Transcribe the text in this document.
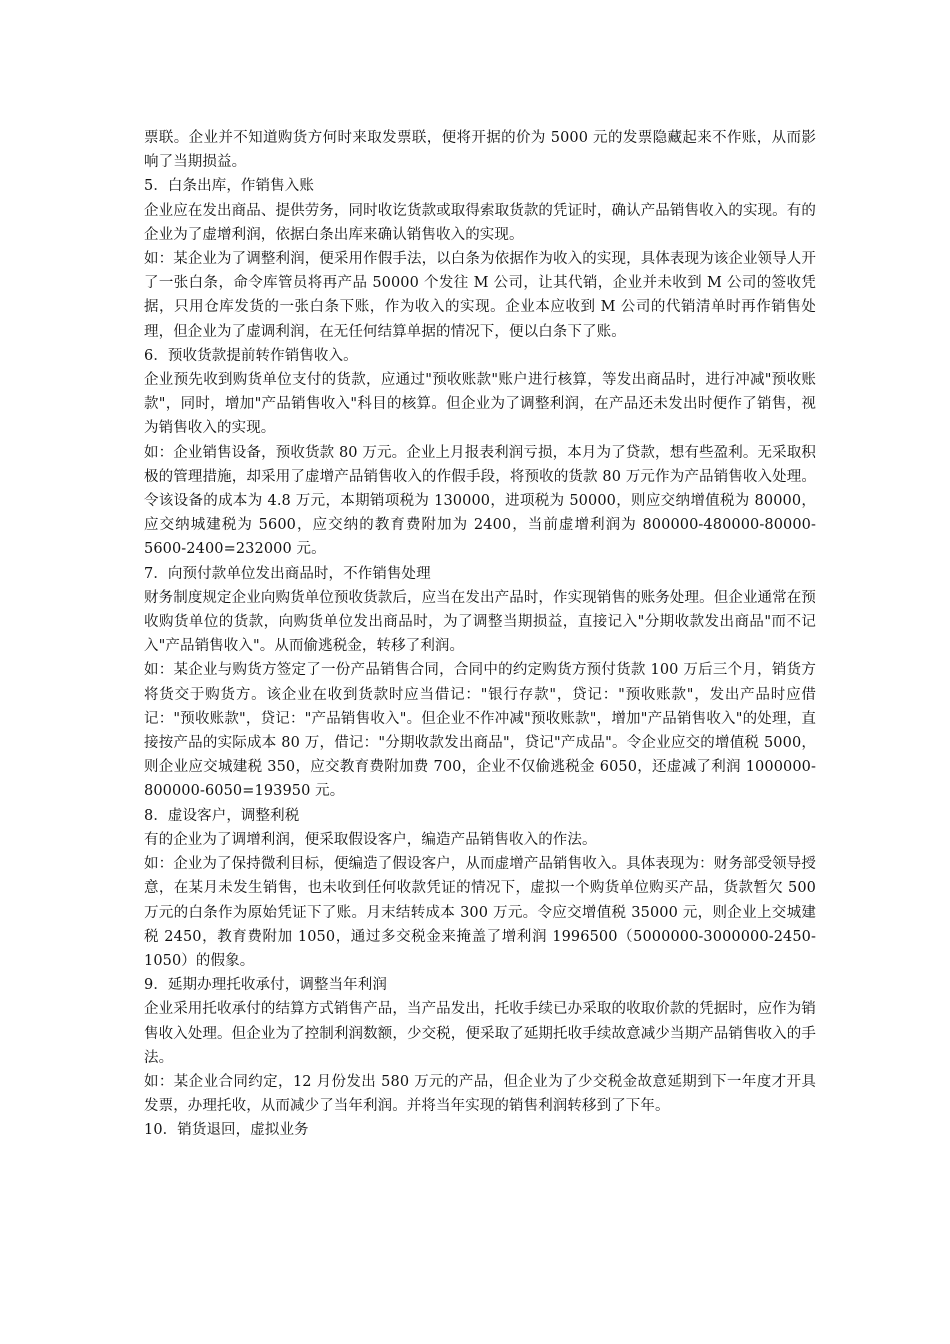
票联。企业并不知道购货方何时来取发票联，便将开据的价为 5000 元的发票隐藏起来不作账，从而影响了当期损益。

5．白条出库，作销售入账

企业应在发出商品、提供劳务，同时收讫货款或取得索取货款的凭证时，确认产品销售收入的实现。有的企业为了虚增利润，依据白条出库来确认销售收入的实现。

如：某企业为了调整利润，便采用作假手法，以白条为依据作为收入的实现，具体表现为该企业领导人开了一张白条，命令库管员将再产品 50000 个发往 M 公司，让其代销，企业并未收到 M 公司的签收凭据，只用仓库发货的一张白条下账，作为收入的实现。企业本应收到 M 公司的代销清单时再作销售处理，但企业为了虚调利润，在无任何结算单据的情况下，便以白条下了账。

6．预收货款提前转作销售收入。

企业预先收到购货单位支付的货款，应通过"预收账款"账户进行核算，等发出商品时，进行冲减"预收账款"，同时，增加"产品销售收入"科目的核算。但企业为了调整利润，在产品还未发出时便作了销售，视为销售收入的实现。

如：企业销售设备，预收货款 80 万元。企业上月报表利润亏损，本月为了贷款，想有些盈利。无采取积极的管理措施，却采用了虚增产品销售收入的作假手段，将预收的货款 80 万元作为产品销售收入处理。令该设备的成本为 4.8 万元，本期销项税为 130000，进项税为 50000，则应交纳增值税为 80000，应交纳城建税为 5600，应交纳的教育费附加为 2400，当前虚增利润为 800000-480000-80000-5600-2400=232000 元。

7．向预付款单位发出商品时，不作销售处理

财务制度规定企业向购货单位预收货款后，应当在发出产品时，作实现销售的账务处理。但企业通常在预收购货单位的货款，向购货单位发出商品时，为了调整当期损益，直接记入"分期收款发出商品"而不记入"产品销售收入"。从而偷逃税金，转移了利润。

如：某企业与购货方签定了一份产品销售合同，合同中的约定购货方预付货款 100 万后三个月，销货方将货交于购货方。该企业在收到货款时应当借记："银行存款"，贷记："预收账款"，发出产品时应借记："预收账款"，贷记："产品销售收入"。但企业不作冲减"预收账款"，增加"产品销售收入"的处理，直接按产品的实际成本 80 万，借记："分期收款发出商品"，贷记"产成品"。令企业应交的增值税 5000，则企业应交城建税 350，应交教育费附加费 700，企业不仅偷逃税金 6050，还虚减了利润 1000000-800000-6050=193950 元。

8．虚设客户，调整利税

有的企业为了调增利润，便采取假设客户，编造产品销售收入的作法。

如：企业为了保持微利目标，便编造了假设客户，从而虚增产品销售收入。具体表现为：财务部受领导授意，在某月未发生销售，也未收到任何收款凭证的情况下，虚拟一个购货单位购买产品，货款暂欠 500 万元的白条作为原始凭证下了账。月末结转成本 300 万元。令应交增值税 35000 元，则企业上交城建税 2450，教育费附加 1050，通过多交税金来掩盖了增利润 1996500（5000000-3000000-2450-1050）的假象。

9．延期办理托收承付，调整当年利润

企业采用托收承付的结算方式销售产品，当产品发出，托收手续已办采取的收取价款的凭据时，应作为销售收入处理。但企业为了控制利润数额，少交税，便采取了延期托收手续故意减少当期产品销售收入的手法。

如：某企业合同约定，12 月份发出 580 万元的产品，但企业为了少交税金故意延期到下一年度才开具发票，办理托收，从而减少了当年利润。并将当年实现的销售利润转移到了下年。

10．销货退回，虚拟业务
